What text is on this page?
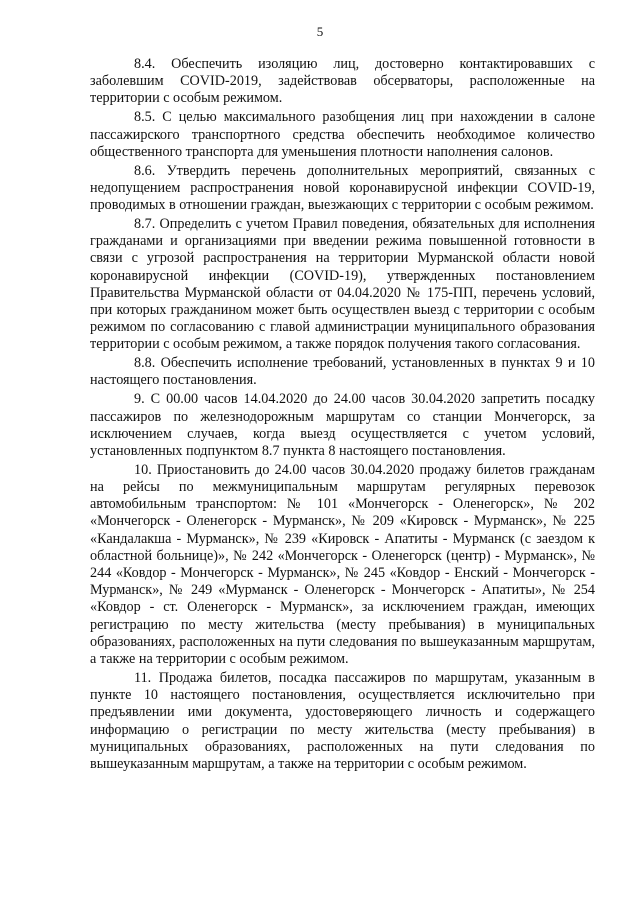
5

8.4. Обеспечить изоляцию лиц, достоверно контактировавших с заболевшим COVID-2019, задействовав обсерваторы, расположенные на территории с особым режимом.

8.5. С целью максимального разобщения лиц при нахождении в салоне пассажирского транспортного средства обеспечить необходимое количество общественного транспорта для уменьшения плотности наполнения салонов.

8.6. Утвердить перечень дополнительных мероприятий, связанных с недопущением распространения новой коронавирусной инфекции COVID-19, проводимых в отношении граждан, выезжающих с территории с особым режимом.

8.7. Определить с учетом Правил поведения, обязательных для исполнения гражданами и организациями при введении режима повышенной готовности в связи с угрозой распространения на территории Мурманской области новой коронавирусной инфекции (COVID-19), утвержденных постановлением Правительства Мурманской области от 04.04.2020 № 175-ПП, перечень условий, при которых гражданином может быть осуществлен выезд с территории с особым режимом по согласованию с главой администрации муниципального образования территории с особым режимом, а также порядок получения такого согласования.

8.8. Обеспечить исполнение требований, установленных в пунктах 9 и 10 настоящего постановления.

9. С 00.00 часов 14.04.2020 до 24.00 часов 30.04.2020 запретить посадку пассажиров по железнодорожным маршрутам со станции Мончегорск, за исключением случаев, когда выезд осуществляется с учетом условий, установленных подпунктом 8.7 пункта 8 настоящего постановления.

10. Приостановить до 24.00 часов 30.04.2020 продажу билетов гражданам на рейсы по межмуниципальным маршрутам регулярных перевозок автомобильным транспортом: № 101 «Мончегорск - Оленегорск», № 202 «Мончегорск - Оленегорск - Мурманск», № 209 «Кировск - Мурманск», № 225 «Кандалакша - Мурманск», № 239 «Кировск - Апатиты - Мурманск (с заездом к областной больнице)», № 242 «Мончегорск - Оленегорск (центр) - Мурманск», № 244 «Ковдор - Мончегорск - Мурманск», № 245 «Ковдор - Енский - Мончегорск - Мурманск», № 249 «Мурманск - Оленегорск - Мончегорск - Апатиты», № 254 «Ковдор - ст. Оленегорск - Мурманск», за исключением граждан, имеющих регистрацию по месту жительства (месту пребывания) в муниципальных образованиях, расположенных на пути следования по вышеуказанным маршрутам, а также на территории с особым режимом.

11. Продажа билетов, посадка пассажиров по маршрутам, указанным в пункте 10 настоящего постановления, осуществляется исключительно при предъявлении ими документа, удостоверяющего личность и содержащего информацию о регистрации по месту жительства (месту пребывания) в муниципальных образованиях, расположенных на пути следования по вышеуказанным маршрутам, а также на территории с особым режимом.
